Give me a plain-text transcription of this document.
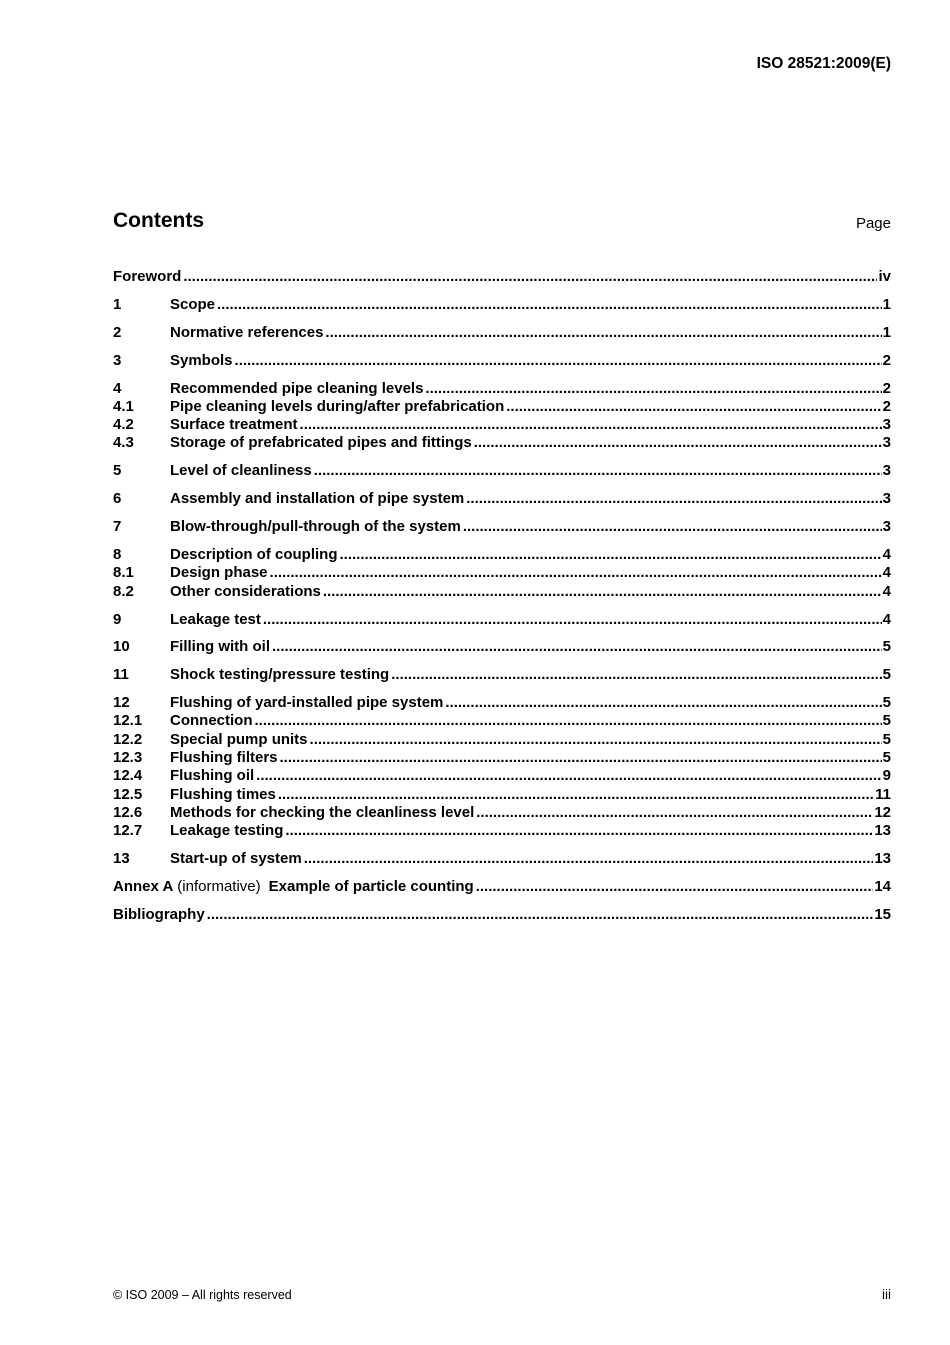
ISO 28521:2009(E)
Contents	Page
Foreword .....	iv
1	Scope .....	1
2	Normative references .....	1
3	Symbols .....	2
4	Recommended pipe cleaning levels .....	2
4.1	Pipe cleaning levels during/after prefabrication .....	2
4.2	Surface treatment .....	3
4.3	Storage of prefabricated pipes and fittings .....	3
5	Level of cleanliness .....	3
6	Assembly and installation of pipe system .....	3
7	Blow-through/pull-through of the system .....	3
8	Description of coupling .....	4
8.1	Design phase .....	4
8.2	Other considerations .....	4
9	Leakage test .....	4
10	Filling with oil .....	5
11	Shock testing/pressure testing .....	5
12	Flushing of yard-installed pipe system .....	5
12.1	Connection .....	5
12.2	Special pump units .....	5
12.3	Flushing filters .....	5
12.4	Flushing oil .....	9
12.5	Flushing times .....	11
12.6	Methods for checking the cleanliness level .....	12
12.7	Leakage testing .....	13
13	Start-up of system .....	13
Annex A (informative) Example of particle counting .....	14
Bibliography .....	15
© ISO 2009 – All rights reserved	iii
